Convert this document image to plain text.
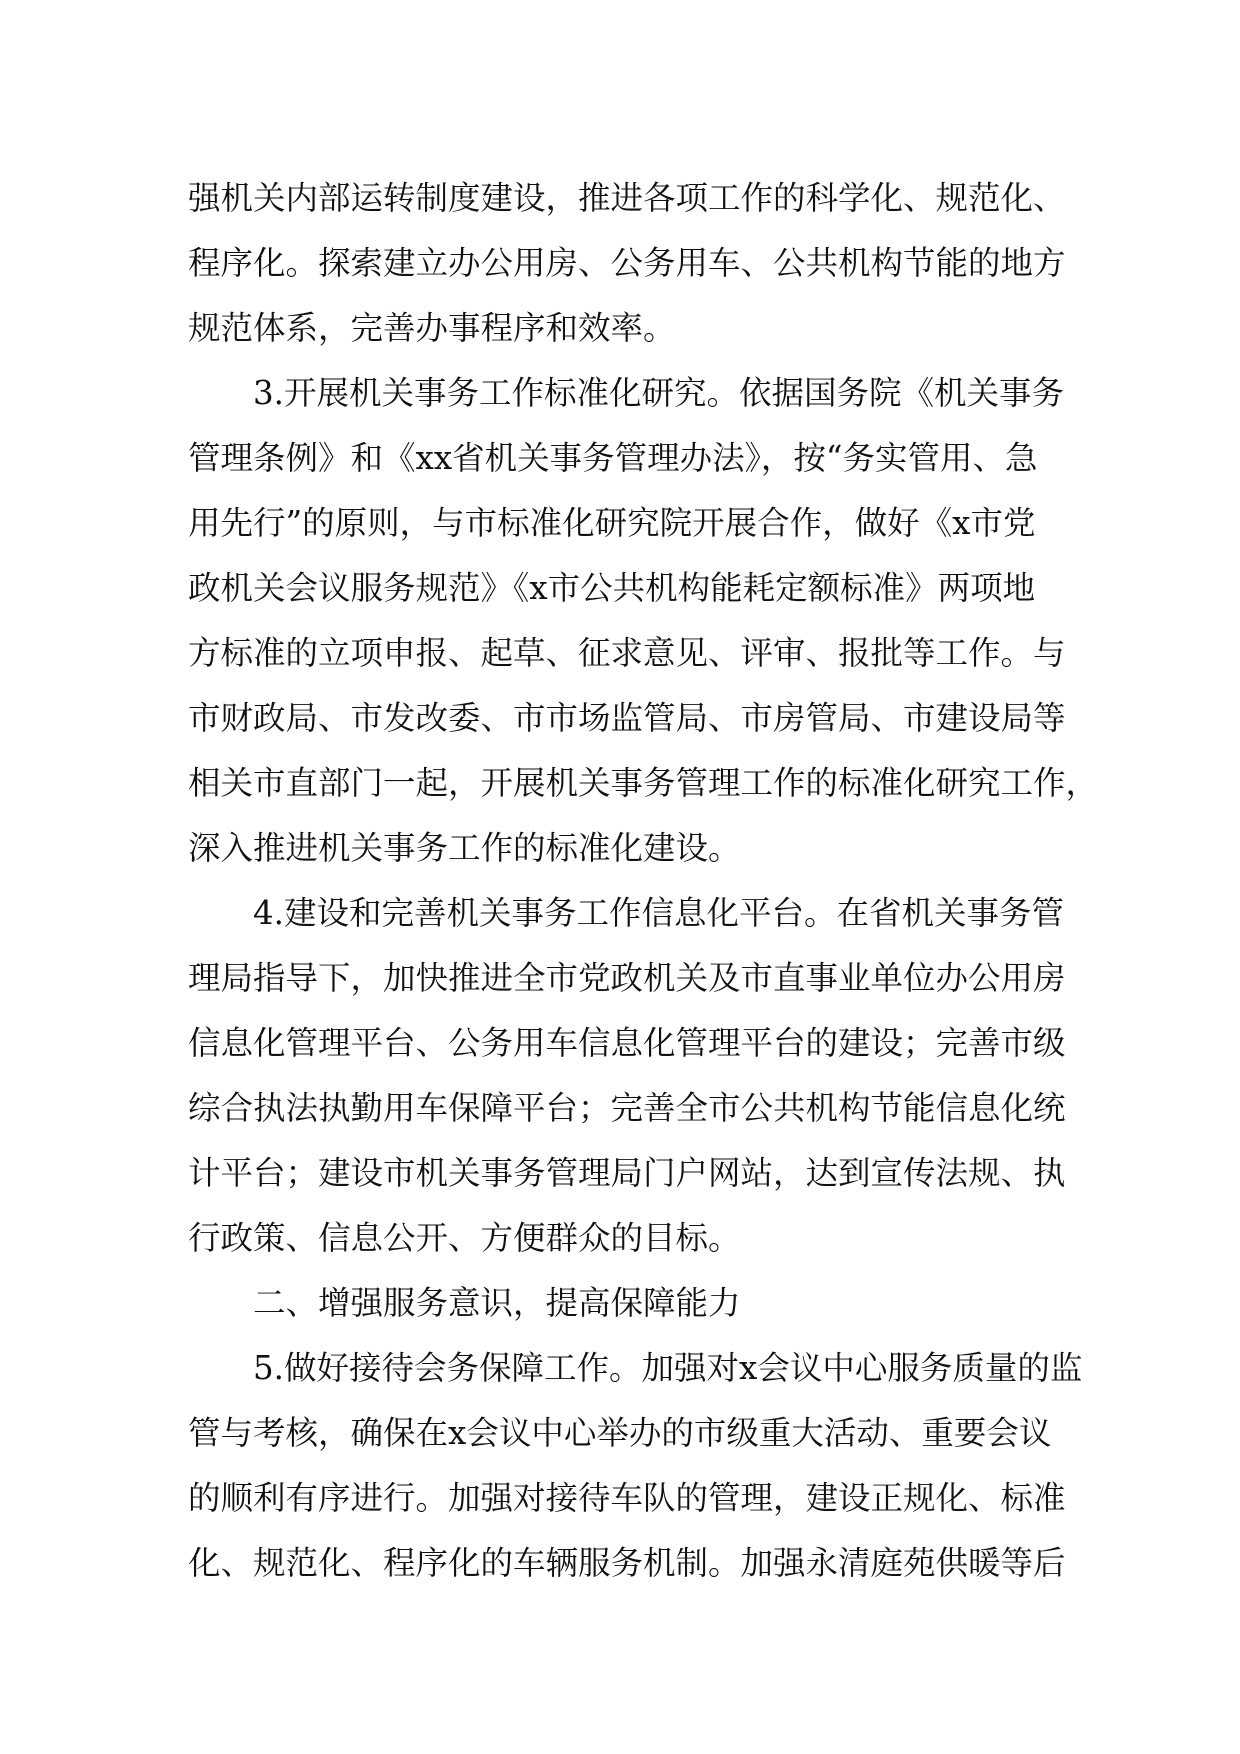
强机关内部运转制度建设，推进各项工作的科学化、规范化、
程序化。探索建立办公用房、公务用车、公共机构节能的地方
规范体系，完善办事程序和效率。
3.开展机关事务工作标准化研究。依据国务院《机关事务
管理条例》和《xx省机关事务管理办法》，按“务实管用、急
用先行”的原则，与市标准化研究院开展合作，做好《x市党
政机关会议服务规范》《x市公共机构能耗定额标准》两项地
方标准的立项申报、起草、征求意见、评审、报批等工作。与
市财政局、市发改委、市市场监管局、市房管局、市建设局等
相关市直部门一起，开展机关事务管理工作的标准化研究工作，
深入推进机关事务工作的标准化建设。
4.建设和完善机关事务工作信息化平台。在省机关事务管
理局指导下，加快推进全市党政机关及市直事业单位办公用房
信息化管理平台、公务用车信息化管理平台的建设；完善市级
综合执法执勤用车保障平台；完善全市公共机构节能信息化统
计平台；建设市机关事务管理局门户网站，达到宣传法规、执
行政策、信息公开、方便群众的目标。
二、增强服务意识，提高保障能力
5.做好接待会务保障工作。加强对x会议中心服务质量的监
管与考核，确保在x会议中心举办的市级重大活动、重要会议
的顺利有序进行。加强对接待车队的管理，建设正规化、标准
化、规范化、程序化的车辆服务机制。加强永清庭苑供暖等后
